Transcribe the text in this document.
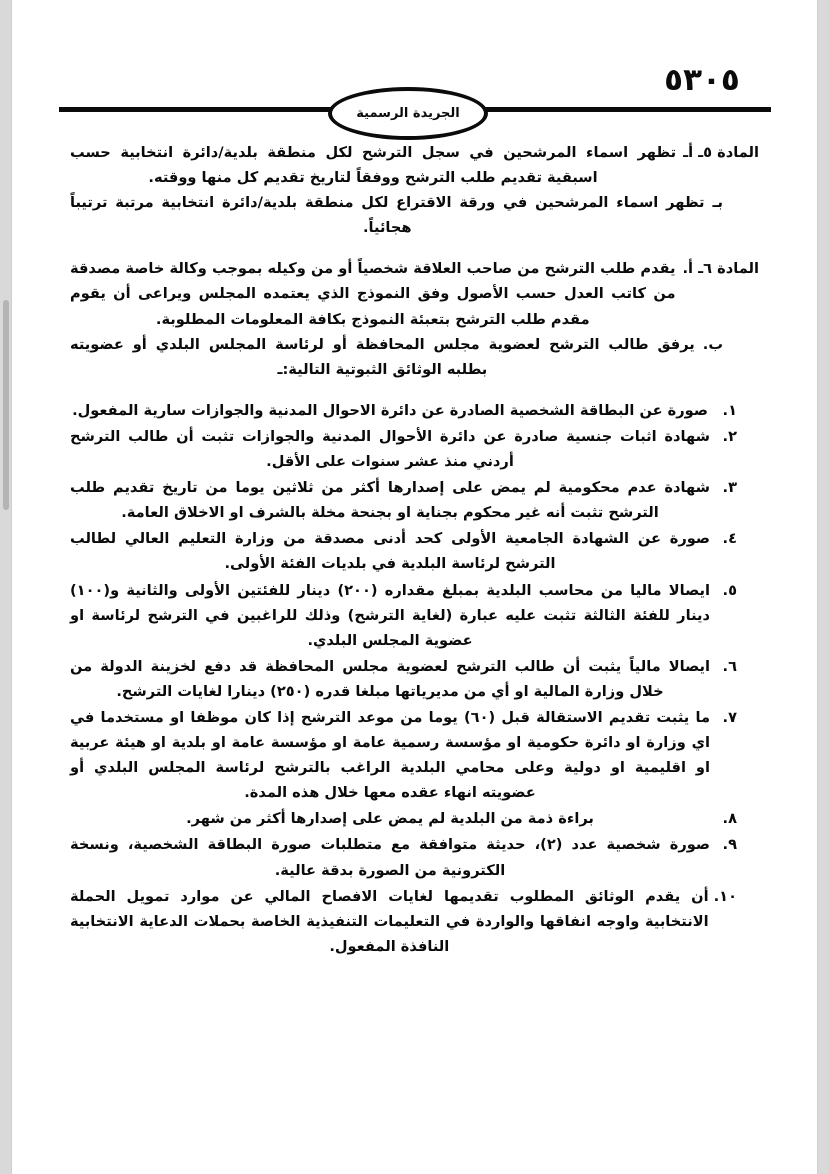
٥٣٠٥
الجريدة الرسمية
المادة ٥ـ أـ
تظهر اسماء المرشحين في سجل الترشح لكل منطقة بلدية/دائرة انتخابية حسب اسبقية تقديم طلب الترشح ووفقاً لتاريخ تقديم كل منها ووقته.
بـ
تظهر اسماء المرشحين في ورقة الاقتراع لكل منطقة بلدية/دائرة انتخابية مرتبة ترتيباً هجائياً.
المادة ٦ـ أ.
يقدم طلب الترشح من صاحب العلاقة شخصياً أو من وكيله بموجب وكالة خاصة مصدقة من كاتب العدل حسب الأصول وفق النموذج الذي يعتمده المجلس ويراعى أن يقوم مقدم طلب الترشح بتعبئة النموذج بكافة المعلومات المطلوبة.
ب.
يرفق طالب الترشح لعضوية مجلس المحافظة أو لرئاسة المجلس البلدي أو عضويته بطلبه الوثائق الثبوتية التالية:ـ
١.
صورة عن البطاقة الشخصية الصادرة عن دائرة الاحوال المدنية والجوازات سارية المفعول.
٢.
شهادة اثبات جنسية صادرة عن دائرة الأحوال المدنية والجوازات تثبت أن طالب الترشح أردني منذ عشر سنوات على الأقل.
٣.
شهادة عدم محكومية لم يمض على إصدارها أكثر من ثلاثين يوما من تاريخ تقديم طلب الترشح تثبت أنه غير محكوم بجناية او بجنحة مخلة بالشرف او الاخلاق العامة.
٤.
صورة عن الشهادة الجامعية الأولى كحد أدنى مصدقة من وزارة التعليم العالي لطالب الترشح لرئاسة البلدية في بلديات الفئة الأولى.
٥.
ايصالا ماليا من محاسب البلدية بمبلغ مقداره (٢٠٠) دينار للفئتين الأولى والثانية و(١٠٠) دينار للفئة الثالثة تثبت عليه عبارة (لغاية الترشح) وذلك للراغبين في الترشح لرئاسة او عضوية المجلس البلدي.
٦.
ايصالا مالياً يثبت أن طالب الترشح لعضوية مجلس المحافظة قد دفع لخزينة الدولة من خلال وزارة المالية او أي من مديرياتها مبلغا قدره (٢٥٠) دينارا لغايات الترشح.
٧.
ما يثبت تقديم الاستقالة قبل (٦٠) يوما من موعد الترشح إذا كان موظفا او مستخدما في اي وزارة او دائرة حكومية او مؤسسة رسمية عامة او مؤسسة عامة او بلدية او هيئة عربية او اقليمية او دولية وعلى محامي البلدية الراغب بالترشح لرئاسة المجلس البلدي أو عضويته انهاء عقده معها خلال هذه المدة.
٨.
براءة ذمة من البلدية لم يمض على إصدارها أكثر من شهر.
٩.
صورة شخصية عدد (٢)، حديثة متوافقة مع متطلبات صورة البطاقة الشخصية، ونسخة الكترونية من الصورة بدقة عالية.
١٠.
أن يقدم الوثائق المطلوب تقديمها لغايات الافصاح المالي عن موارد تمويل الحملة الانتخابية واوجه انفاقها والواردة في التعليمات التنفيذية الخاصة بحملات الدعاية الانتخابية النافذة المفعول.
